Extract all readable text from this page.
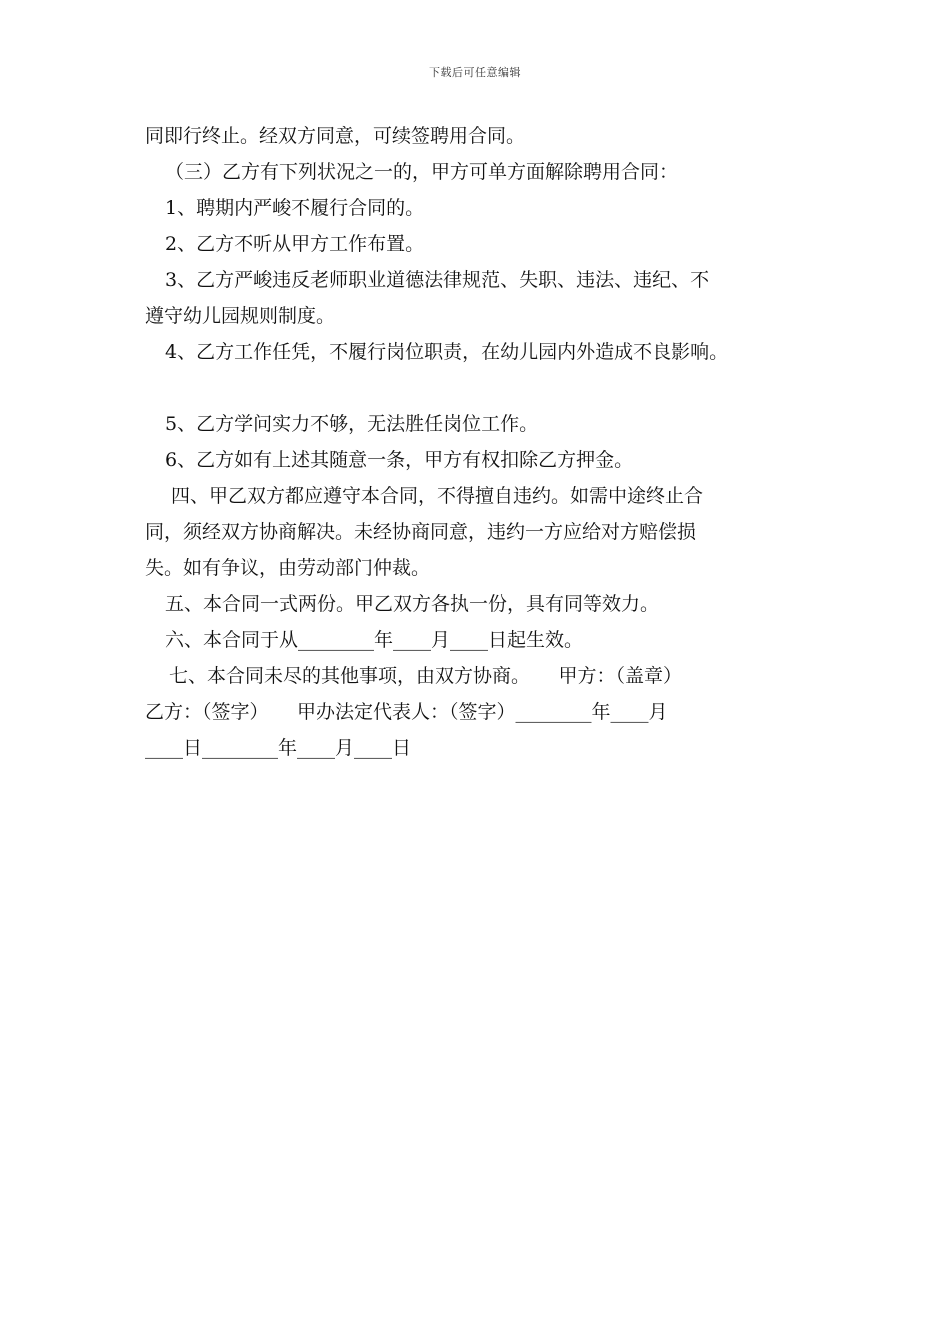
下载后可任意编辑
同即行终止。经双方同意，可续签聘用合同。
（三）乙方有下列状况之一的，甲方可单方面解除聘用合同：
1、聘期内严峻不履行合同的。
2、乙方不听从甲方工作布置。
3、乙方严峻违反老师职业道德法律规范、失职、违法、违纪、不
遵守幼儿园规则制度。
4、乙方工作任凭，不履行岗位职责，在幼儿园内外造成不良影响。
5、乙方学问实力不够，无法胜任岗位工作。
6、乙方如有上述其随意一条，甲方有权扣除乙方押金。
四、甲乙双方都应遵守本合同，不得擅自违约。如需中途终止合
同，须经双方协商解决。未经协商同意，违约一方应给对方赔偿损
失。如有争议，由劳动部门仲裁。
五、本合同一式两份。甲乙双方各执一份，具有同等效力。
六、本合同于从________年____月____日起生效。
七、本合同未尽的其他事项，由双方协商。　　甲方：（盖章）
乙方：（签字）　　甲办法定代表人：（签字）________年____月
____日________年____月____日
